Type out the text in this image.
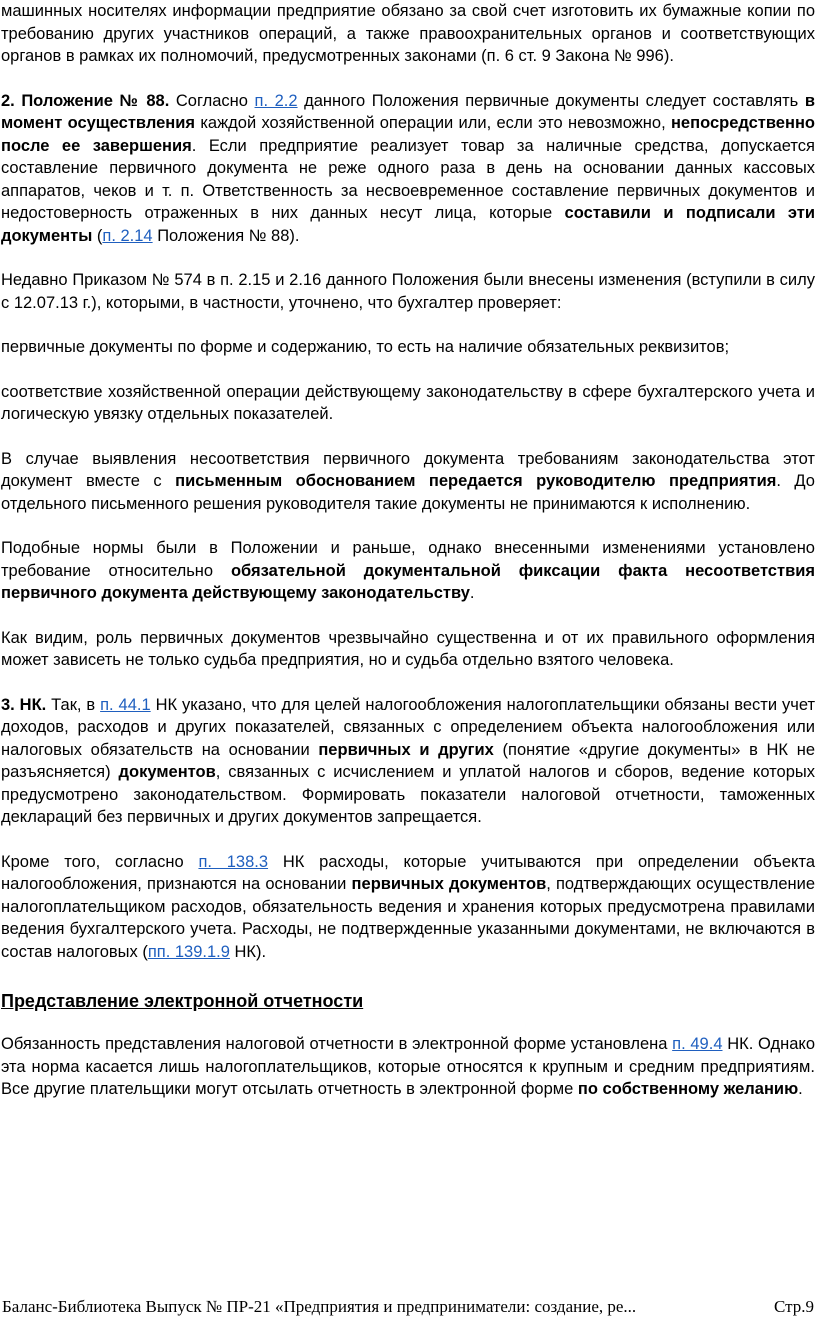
машинных носителях информации предприятие обязано за свой счет изготовить их бумажные копии по требованию других участников операций, а также правоохранительных органов и соответствующих органов в рамках их полномочий, предусмотренных законами (п. 6 ст. 9 Закона № 996).

2. Положение № 88. Согласно п. 2.2 данного Положения первичные документы следует составлять в момент осуществления каждой хозяйственной операции или, если это невозможно, непосредственно после ее завершения. Если предприятие реализует товар за наличные средства, допускается составление первичного документа не реже одного раза в день на основании данных кассовых аппаратов, чеков и т. п. Ответственность за несвоевременное составление первичных документов и недостоверность отраженных в них данных несут лица, которые составили и подписали эти документы (п. 2.14 Положения № 88).

Недавно Приказом № 574 в п. 2.15 и 2.16 данного Положения были внесены изменения (вступили в силу с 12.07.13 г.), которыми, в частности, уточнено, что бухгалтер проверяет:

первичные документы по форме и содержанию, то есть на наличие обязательных реквизитов;

соответствие хозяйственной операции действующему законодательству в сфере бухгалтерского учета и логическую увязку отдельных показателей.

В случае выявления несоответствия первичного документа требованиям законодательства этот документ вместе с письменным обоснованием передается руководителю предприятия. До отдельного письменного решения руководителя такие документы не принимаются к исполнению.

Подобные нормы были в Положении и раньше, однако внесенными изменениями установлено требование относительно обязательной документальной фиксации факта несоответствия первичного документа действующему законодательству.

Как видим, роль первичных документов чрезвычайно существенна и от их правильного оформления может зависеть не только судьба предприятия, но и судьба отдельно взятого человека.

3. НК. Так, в п. 44.1 НК указано, что для целей налогообложения налогоплательщики обязаны вести учет доходов, расходов и других показателей, связанных с определением объекта налогообложения или налоговых обязательств на основании первичных и других (понятие «другие документы» в НК не разъясняется) документов, связанных с исчислением и уплатой налогов и сборов, ведение которых предусмотрено законодательством. Формировать показатели налоговой отчетности, таможенных деклараций без первичных и других документов запрещается.

Кроме того, согласно п. 138.3 НК расходы, которые учитываются при определении объекта налогообложения, признаются на основании первичных документов, подтверждающих осуществление налогоплательщиком расходов, обязательность ведения и хранения которых предусмотрена правилами ведения бухгалтерского учета. Расходы, не подтвержденные указанными документами, не включаются в состав налоговых (пп. 139.1.9 НК).

Представление электронной отчетности

Обязанность представления налоговой отчетности в электронной форме установлена п. 49.4 НК. Однако эта норма касается лишь налогоплательщиков, которые относятся к крупным и средним предприятиям. Все другие плательщики могут отсылать отчетность в электронной форме по собственному желанию.

Баланс-Библиотека Выпуск № ПР-21 «Предприятия и предприниматели: создание, ре...	Стр.9
